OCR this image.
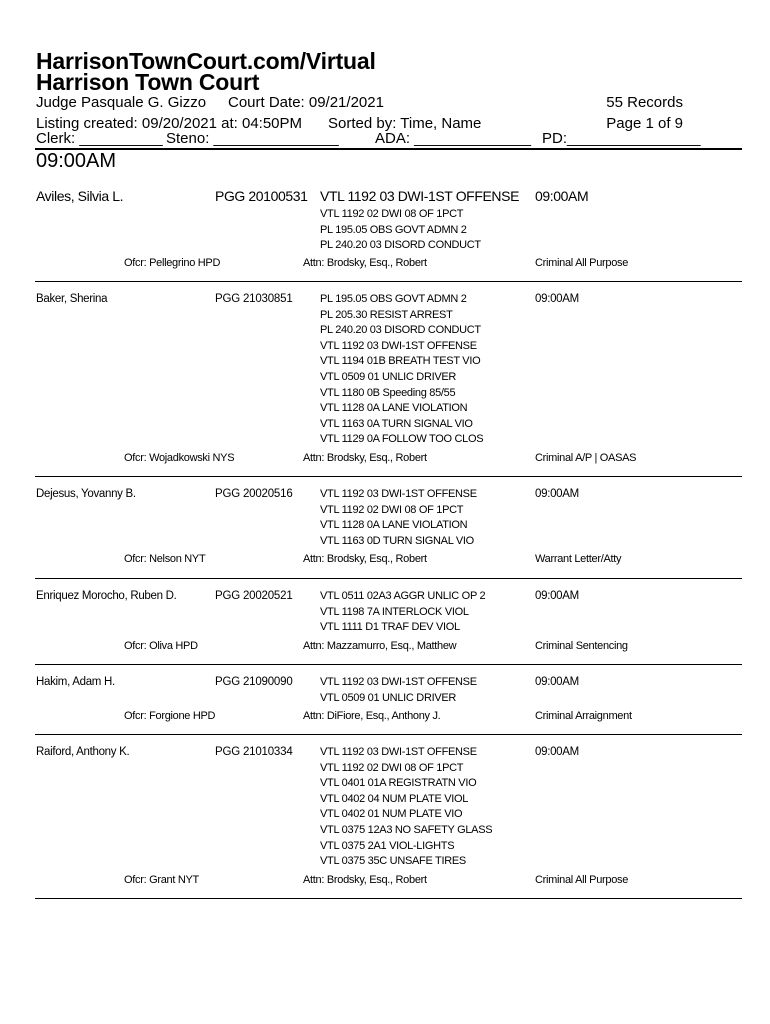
HarrisonTownCourt.com/Virtual
Harrison Town Court
Judge Pasquale G. Gizzo Court Date: 09/21/2021	55 Records
Listing created: 09/20/2021 at: 04:50PM Sorted by: Time, Name	Page 1 of 9
Clerk: __________ Steno: _______________ ADA: ______________ PD:________________
09:00AM
Aviles, Silvia L.	PGG 20100531	09:00AM
VTL 1192 03 DWI-1ST OFFENSE
VTL 1192 02 DWI 08 OF 1PCT
PL 195.05 OBS GOVT ADMN 2
PL 240.20 03 DISORD CONDUCT
Ofcr: Pellegrino HPD	Attn: Brodsky, Esq., Robert	Criminal All Purpose
Baker, Sherina	PGG 21030851	09:00AM
PL 195.05 OBS GOVT ADMN 2
PL 205.30 RESIST ARREST
PL 240.20 03 DISORD CONDUCT
VTL 1192 03 DWI-1ST OFFENSE
VTL 1194 01B BREATH TEST VIO
VTL 0509 01 UNLIC DRIVER
VTL 1180 0B Speeding 85/55
VTL 1128 0A LANE VIOLATION
VTL 1163 0A TURN SIGNAL VIO
VTL 1129 0A FOLLOW TOO CLOS
Ofcr: Wojadkowski NYS	Attn: Brodsky, Esq., Robert	Criminal A/P | OASAS
Dejesus, Yovanny B.	PGG 20020516	09:00AM
VTL 1192 03 DWI-1ST OFFENSE
VTL 1192 02 DWI 08 OF 1PCT
VTL 1128 0A LANE VIOLATION
VTL 1163 0D TURN SIGNAL VIO
Ofcr: Nelson NYT	Attn: Brodsky, Esq., Robert	Warrant Letter/Atty
Enriquez Morocho, Ruben D.	PGG 20020521	09:00AM
VTL 0511 02A3 AGGR UNLIC OP 2
VTL 1198 7A INTERLOCK VIOL
VTL 1111 D1 TRAF DEV VIOL
Ofcr: Oliva HPD	Attn: Mazzamurro, Esq., Matthew	Criminal Sentencing
Hakim, Adam H.	PGG 21090090	09:00AM
VTL 1192 03 DWI-1ST OFFENSE
VTL 0509 01 UNLIC DRIVER
Ofcr: Forgione HPD	Attn: DiFiore, Esq., Anthony J.	Criminal Arraignment
Raiford, Anthony K.	PGG 21010334	09:00AM
VTL 1192 03 DWI-1ST OFFENSE
VTL 1192 02 DWI 08 OF 1PCT
VTL 0401 01A REGISTRATN VIO
VTL 0402 04 NUM PLATE VIOL
VTL 0402 01 NUM PLATE VIO
VTL 0375 12A3 NO SAFETY GLASS
VTL 0375 2A1 VIOL-LIGHTS
VTL 0375 35C UNSAFE TIRES
Ofcr: Grant NYT	Attn: Brodsky, Esq., Robert	Criminal All Purpose
